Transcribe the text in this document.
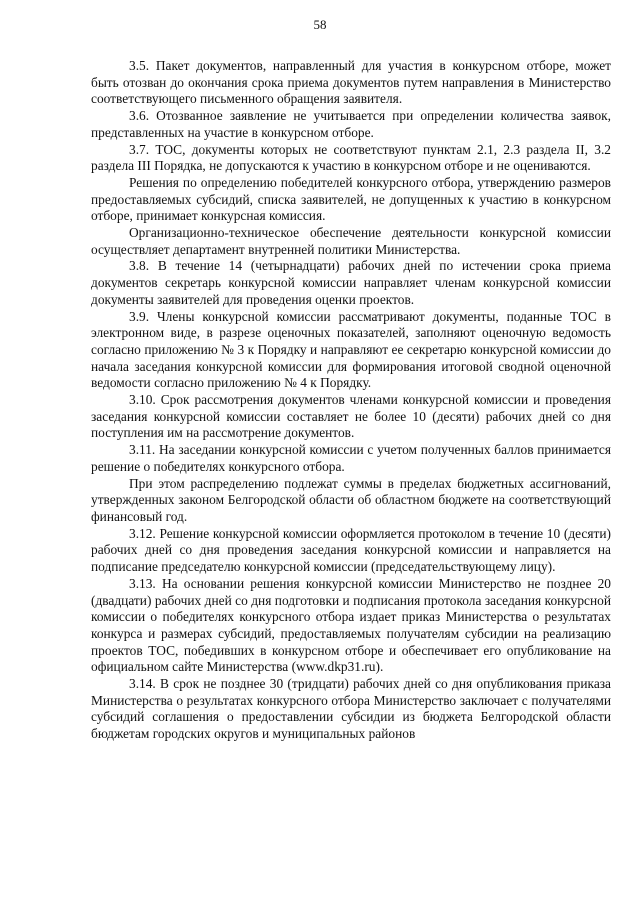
58

3.5. Пакет документов, направленный для участия в конкурсном отборе, может быть отозван до окончания срока приема документов путем направления в Министерство соответствующего письменного обращения заявителя.

3.6. Отозванное заявление не учитывается при определении количества заявок, представленных на участие в конкурсном отборе.

3.7. ТОС, документы которых не соответствуют пунктам 2.1, 2.3 раздела II, 3.2 раздела III Порядка, не допускаются к участию в конкурсном отборе и не оцениваются.

Решения по определению победителей конкурсного отбора, утверждению размеров предоставляемых субсидий, списка заявителей, не допущенных к участию в конкурсном отборе, принимает конкурсная комиссия.

Организационно-техническое обеспечение деятельности конкурсной комиссии осуществляет департамент внутренней политики Министерства.

3.8. В течение 14 (четырнадцати) рабочих дней по истечении срока приема документов секретарь конкурсной комиссии направляет членам конкурсной комиссии документы заявителей для проведения оценки проектов.

3.9. Члены конкурсной комиссии рассматривают документы, поданные ТОС в электронном виде, в разрезе оценочных показателей, заполняют оценочную ведомость согласно приложению № 3 к Порядку и направляют ее секретарю конкурсной комиссии до начала заседания конкурсной комиссии для формирования итоговой сводной оценочной ведомости согласно приложению № 4 к Порядку.

3.10. Срок рассмотрения документов членами конкурсной комиссии и проведения заседания конкурсной комиссии составляет не более 10 (десяти) рабочих дней со дня поступления им на рассмотрение документов.

3.11. На заседании конкурсной комиссии с учетом полученных баллов принимается решение о победителях конкурсного отбора.

При этом распределению подлежат суммы в пределах бюджетных ассигнований, утвержденных законом Белгородской области об областном бюджете на соответствующий финансовый год.

3.12. Решение конкурсной комиссии оформляется протоколом в течение 10 (десяти) рабочих дней со дня проведения заседания конкурсной комиссии и направляется на подписание председателю конкурсной комиссии (председательствующему лицу).

3.13. На основании решения конкурсной комиссии Министерство не позднее 20 (двадцати) рабочих дней со дня подготовки и подписания протокола заседания конкурсной комиссии о победителях конкурсного отбора издает приказ Министерства о результатах конкурса и размерах субсидий, предоставляемых получателям субсидии на реализацию проектов ТОС, победивших в конкурсном отборе и обеспечивает его опубликование на официальном сайте Министерства (www.dkp31.ru).

3.14. В срок не позднее 30 (тридцати) рабочих дней со дня опубликования приказа Министерства о результатах конкурсного отбора Министерство заключает с получателями субсидий соглашения о предоставлении субсидии из бюджета Белгородской области бюджетам городских округов и муниципальных районов
